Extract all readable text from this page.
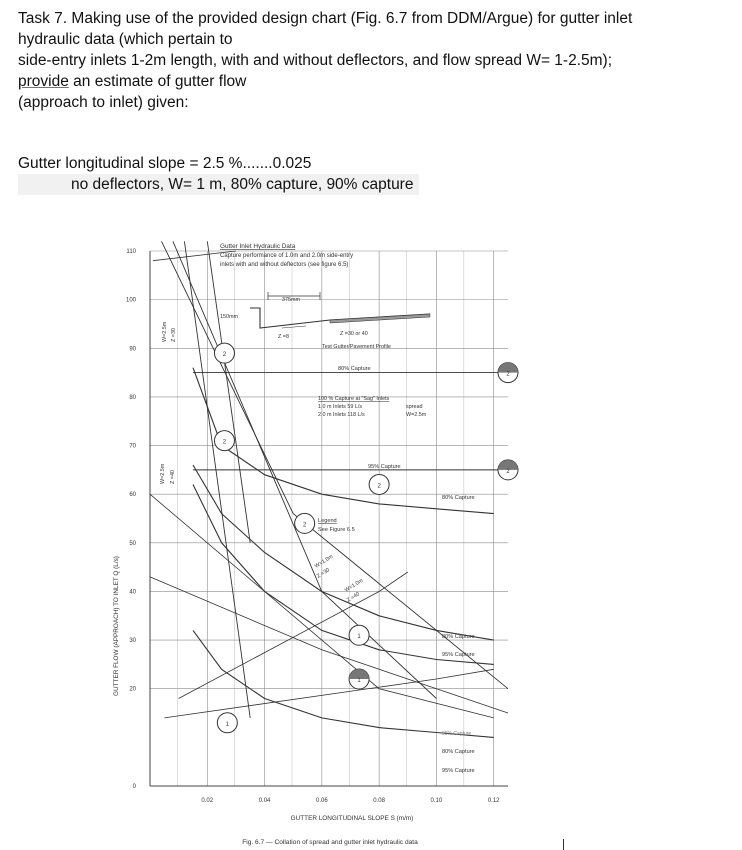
Task 7. Making use of the provided design chart (Fig. 6.7 from DDM/Argue) for gutter inlet
hydraulic data (which pertain to
side-entry inlets 1-2m length, with and without deflectors, and flow spread W= 1-2.5m);
provide an estimate of gutter flow
(approach to inlet) given:
Gutter longitudinal slope = 2.5 %.......0.025
no deflectors, W= 1 m, 80% capture, 90% capture
0
20
30
40
50
60
70
80
90
100
110
0.02	0.04	0.06	0.08	0.10	0.12
GUTTER FLOW (APPROACH) TO INLET Q (L/s)
GUTTER LONGITUDINAL SLOPE S (m/m)
Fig. 6.7 — Collation of spread and gutter inlet hydraulic data
Gutter Inlet Hydraulic Data
Capture performance of 1.0m and 2.0m side-entry
inlets with and without deflectors (see figure 6.5)
375mm
150mm
Z =8	Z =30 or 40
Test Gutter/Pavement Profile
100 % Capture at "Sag" Inlets
1.0 m Inlets 59 L/s
2.0 m Inlets 118 L/s
spread
W=2.5m
Legend
See Figure 6.5
W=2.5m Z =30
W=2.5m Z =40
W=1.0m
Z =30
W=1.0m
Z =40
2
2
2
2
2
2
1
1
1
80% Capture
95% Capture
80% Capture
80% Capture
95% Capture
95% Capture
80% Capture
95% Capture
